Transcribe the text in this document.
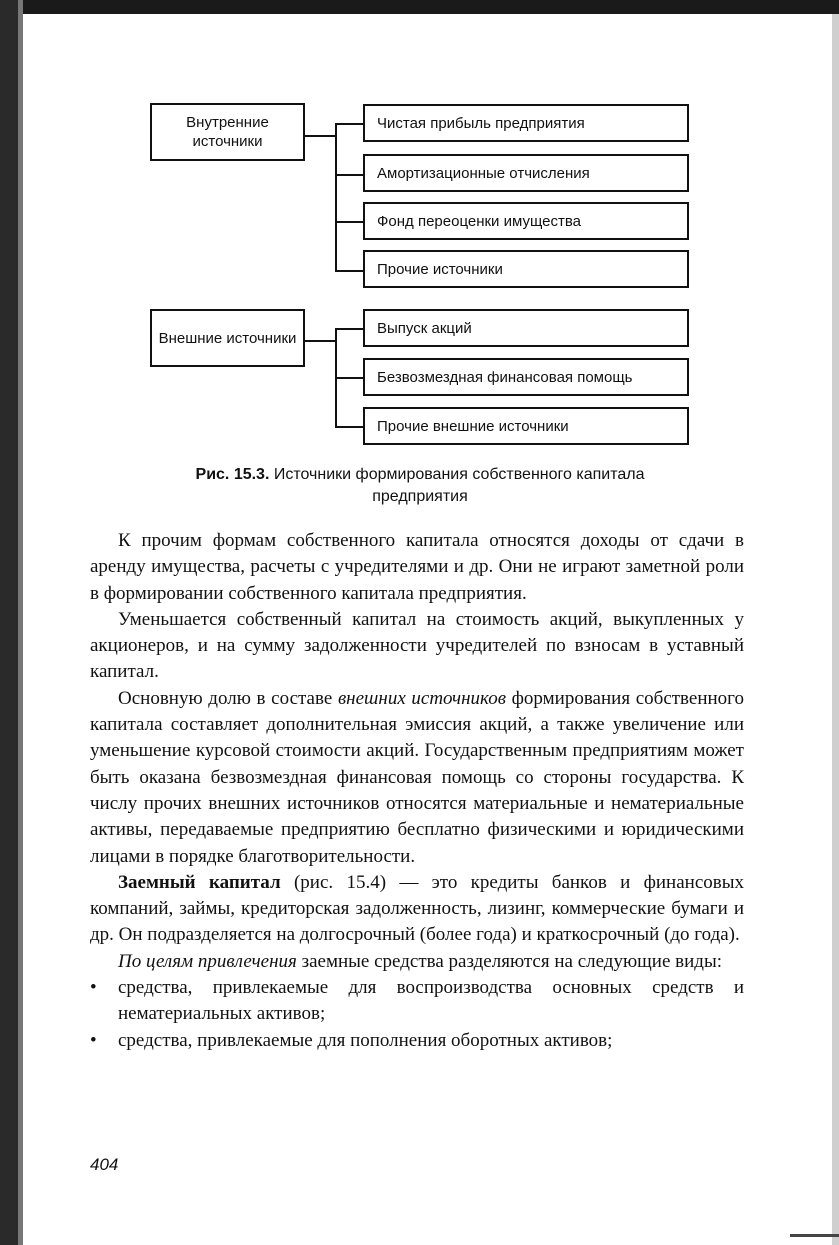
Внутренние источники
Чистая прибыль предприятия
Амортизационные отчисления
Фонд переоценки имущества
Прочие источники
Внешние источники
Выпуск акций
Безвозмездная финансовая помощь
Прочие внешние источники
Рис. 15.3. Источники формирования собственного капитала предприятия

К прочим формам собственного капитала относятся доходы от сдачи в аренду имущества, расчеты с учредителями и др. Они не играют заметной роли в формировании собственного капитала предприятия.

Уменьшается собственный капитал на стоимость акций, выкупленных у акционеров, и на сумму задолженности учредителей по взносам в уставный капитал.

Основную долю в составе внешних источников формирования собственного капитала составляет дополнительная эмиссия акций, а также увеличение или уменьшение курсовой стоимости акций. Государственным предприятиям может быть оказана безвозмездная финансовая помощь со стороны государства. К числу прочих внешних источников относятся материальные и нематериальные активы, передаваемые предприятию бесплатно физическими и юридическими лицами в порядке благотворительности.

Заемный капитал (рис. 15.4) — это кредиты банков и финансовых компаний, займы, кредиторская задолженность, лизинг, коммерческие бумаги и др. Он подразделяется на долгосрочный (более года) и краткосрочный (до года).

По целям привлечения заемные средства разделяются на следующие виды:

• средства, привлекаемые для воспроизводства основных средств и нематериальных активов;
• средства, привлекаемые для пополнения оборотных активов;
404
